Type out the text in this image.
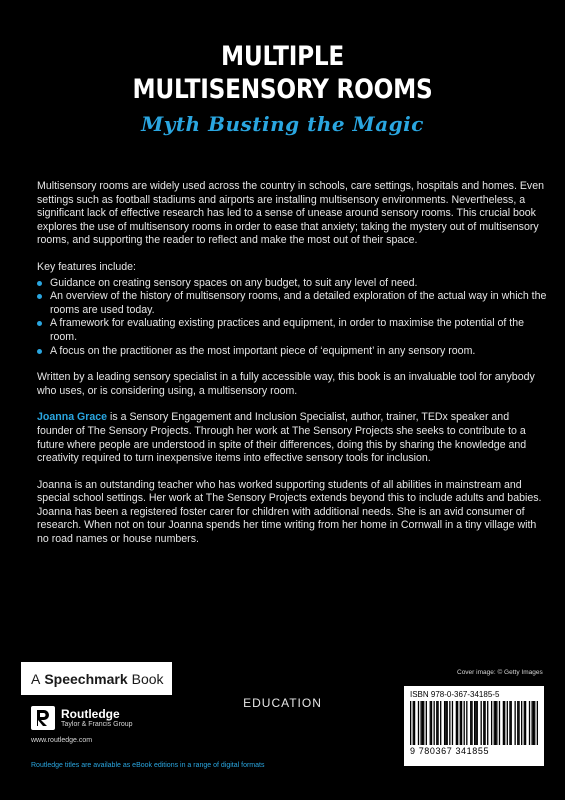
MULTIPLE
MULTISENSORY ROOMS
Myth Busting the Magic

Multisensory rooms are widely used across the country in schools, care settings, hospitals and homes. Even settings such as football stadiums and airports are installing multisensory environments. Nevertheless, a significant lack of effective research has led to a sense of unease around sensory rooms. This crucial book explores the use of multisensory rooms in order to ease that anxiety; taking the mystery out of multisensory rooms, and supporting the reader to reflect and make the most out of their space.

Key features include:

Guidance on creating sensory spaces on any budget, to suit any level of need.
An overview of the history of multisensory rooms, and a detailed exploration of the actual way in which the rooms are used today.
A framework for evaluating existing practices and equipment, in order to maximise the potential of the room.
A focus on the practitioner as the most important piece of ‘equipment’ in any sensory room.

Written by a leading sensory specialist in a fully accessible way, this book is an invaluable tool for anybody who uses, or is considering using, a multisensory room.

Joanna Grace is a Sensory Engagement and Inclusion Specialist, author, trainer, TEDx speaker and founder of The Sensory Projects. Through her work at The Sensory Projects she seeks to contribute to a future where people are understood in spite of their differences, doing this by sharing the knowledge and creativity required to turn inexpensive items into effective sensory tools for inclusion.

Joanna is an outstanding teacher who has worked supporting students of all abilities in mainstream and special school settings. Her work at The Sensory Projects extends beyond this to include adults and babies. Joanna has been a registered foster carer for children with additional needs. She is an avid consumer of research. When not on tour Joanna spends her time writing from her home in Cornwall in a tiny village with no road names or house numbers.

A Speechmark Book	Cover image: © Getty Images
EDUCATION
Routledge
Taylor & Francis Group
www.routledge.com
Routledge titles are available as eBook editions in a range of digital formats
ISBN 978-0-367-34185-5
9 780367 341855
